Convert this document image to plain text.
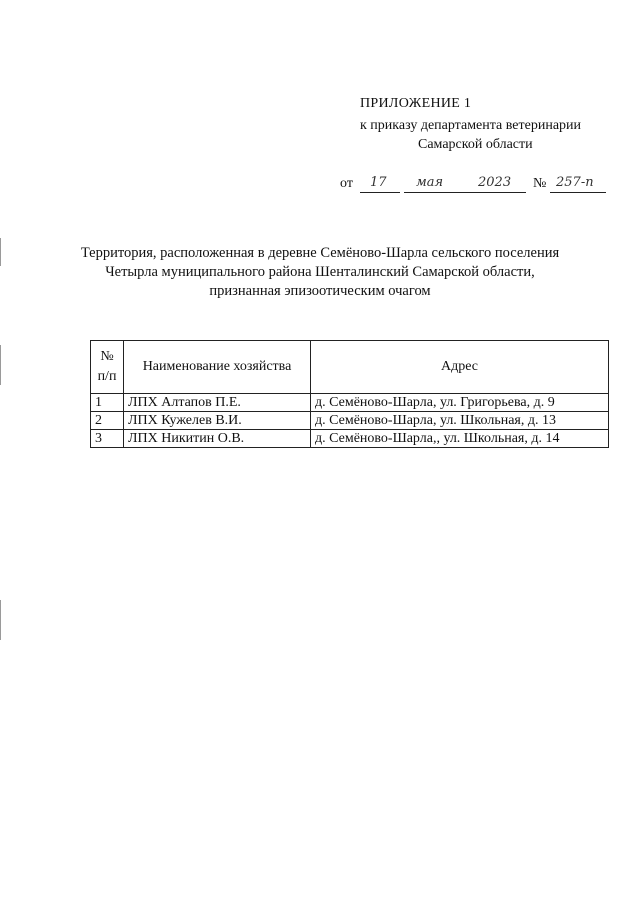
ПРИЛОЖЕНИЕ 1
к приказу департамента ветеринарии
Самарской области
от 17 мая	2023 № 257-п
Территория, расположенная в деревне Семёново-Шарла сельского поселения
Четырла муниципального района Шенталинский Самарской области,
признанная эпизоотическим очагом
№
п/п	Наименование хозяйства	Адрес
1	ЛПХ Алтапов П.Е.	д. Семёново-Шарла, ул. Григорьева, д. 9
2	ЛПХ Кужелев В.И.	д. Семёново-Шарла, ул. Школьная, д. 13
3	ЛПХ Никитин О.В.	д. Семёново-Шарла,, ул. Школьная, д. 14
